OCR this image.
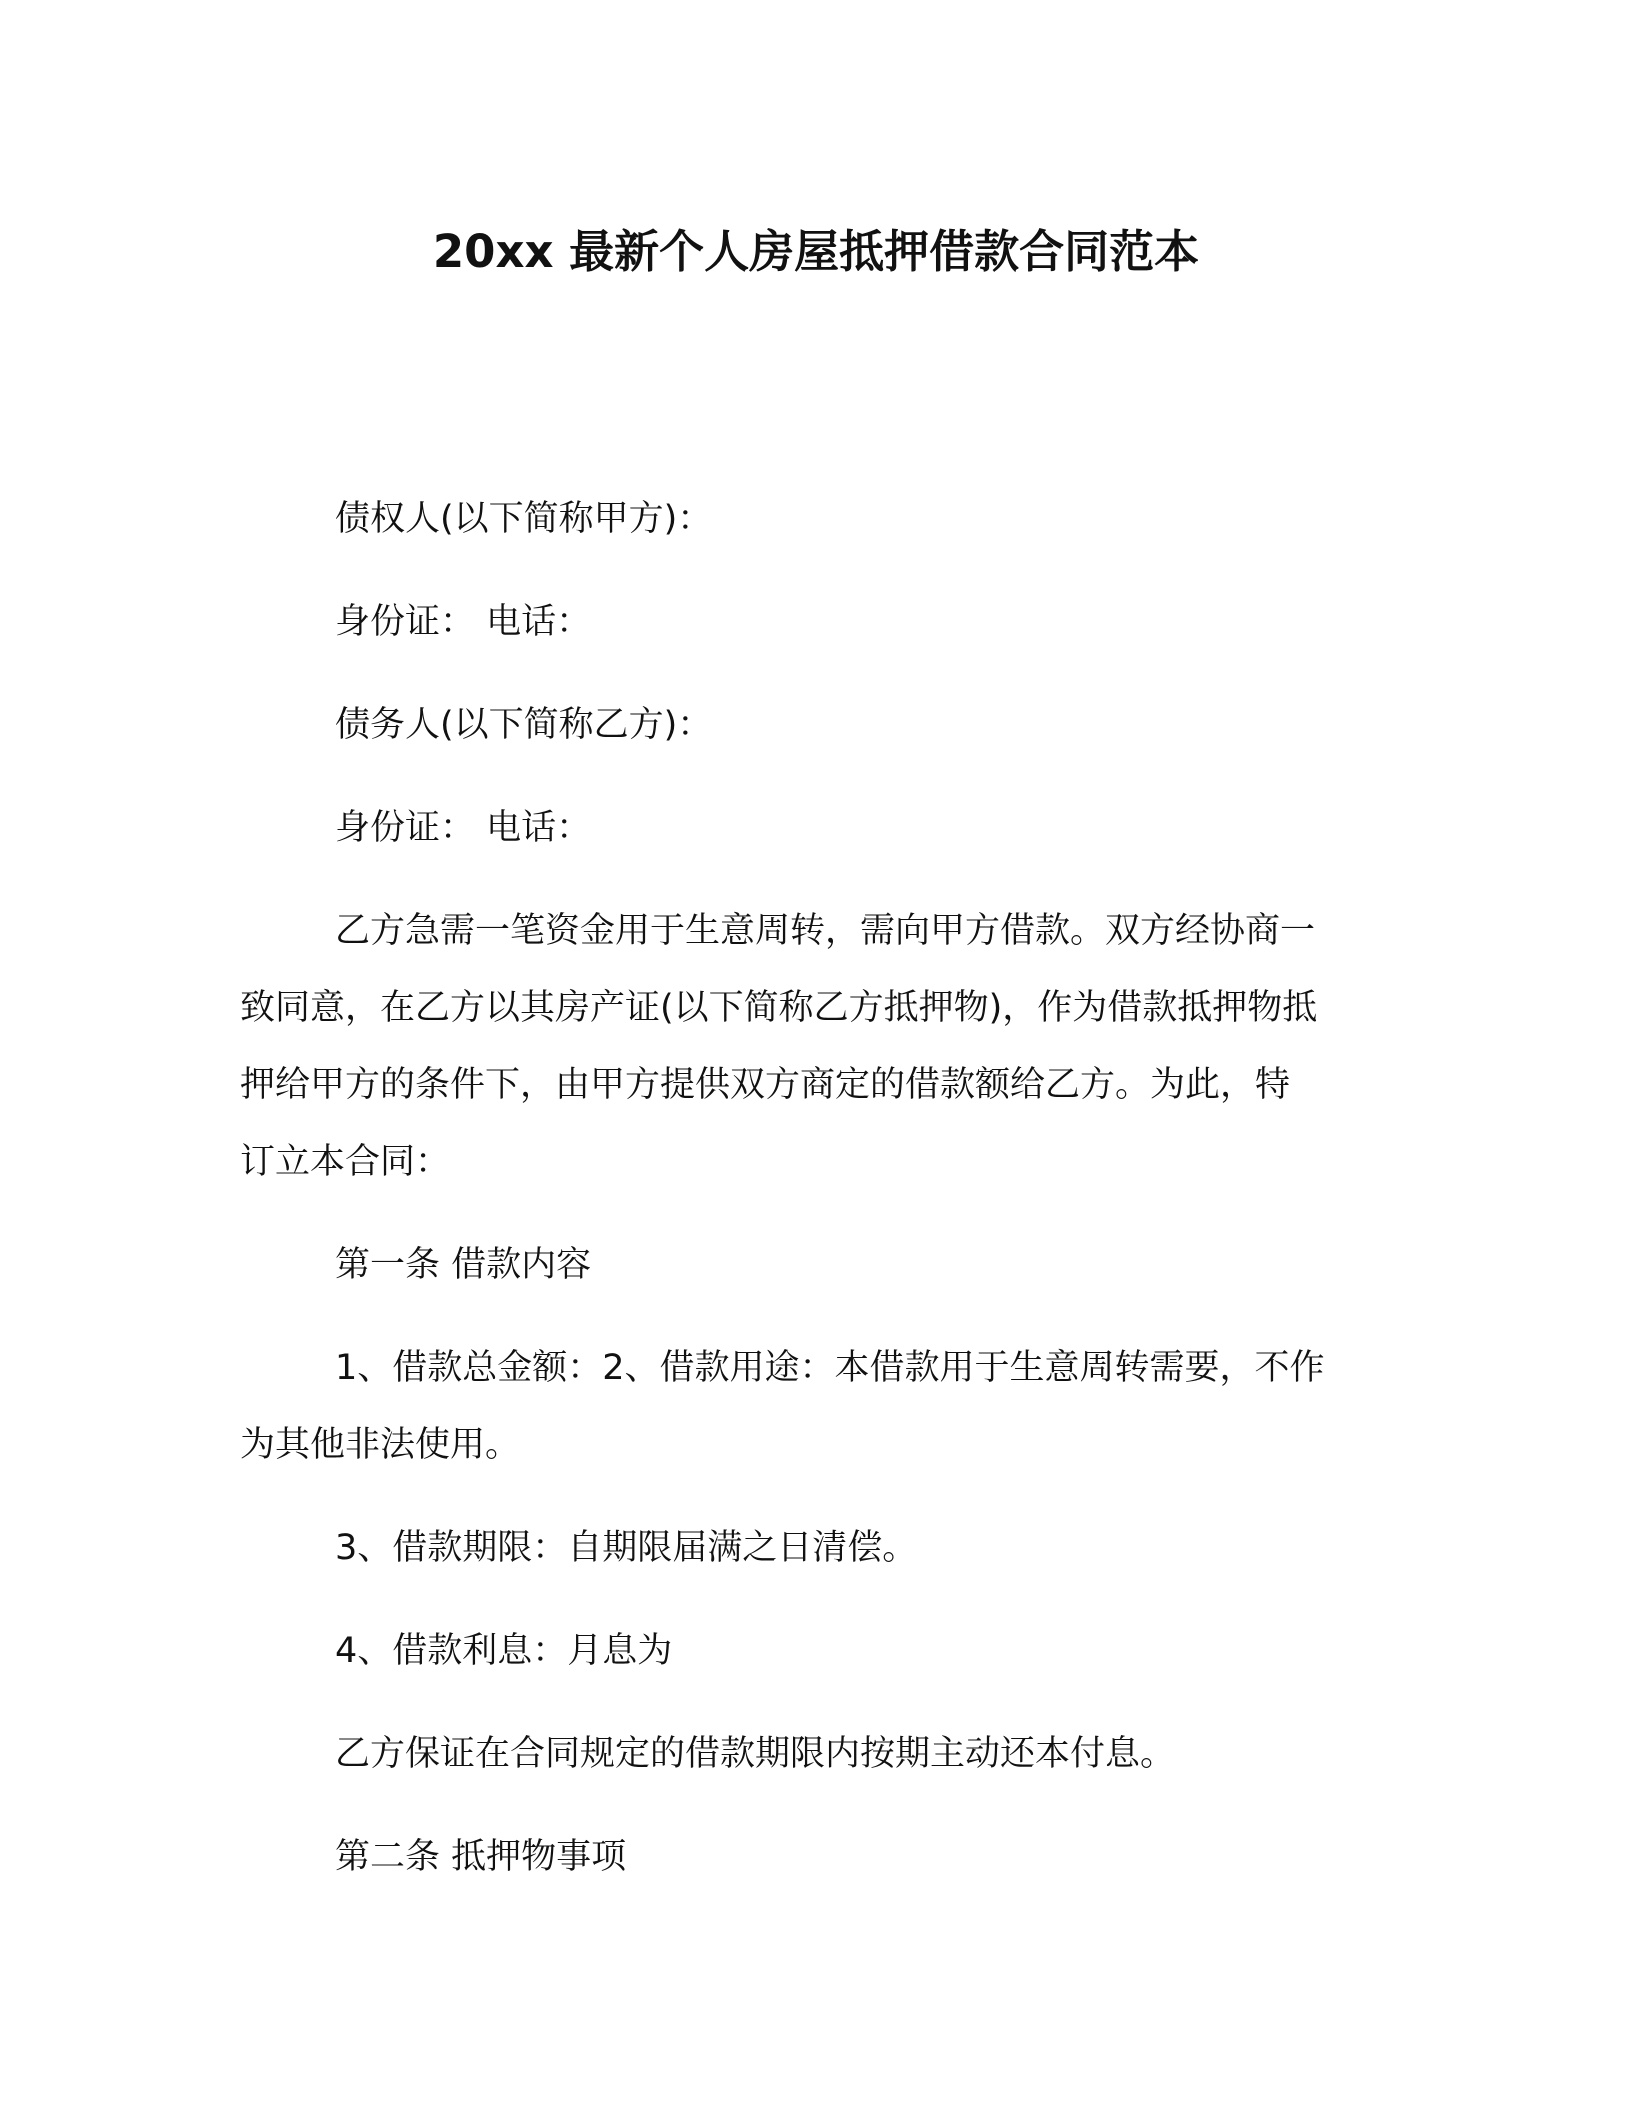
20xx 最新个人房屋抵押借款合同范本
债权人(以下简称甲方)：
身份证： 电话：
债务人(以下简称乙方)：
身份证： 电话：
乙方急需一笔资金用于生意周转，需向甲方借款。双方经协商一
致同意，在乙方以其房产证(以下简称乙方抵押物)，作为借款抵押物抵
押给甲方的条件下，由甲方提供双方商定的借款额给乙方。为此，特
订立本合同：
第一条 借款内容
1、借款总金额：2、借款用途：本借款用于生意周转需要，不作
为其他非法使用。
3、借款期限：自期限届满之日清偿。
4、借款利息：月息为
乙方保证在合同规定的借款期限内按期主动还本付息。
第二条 抵押物事项
